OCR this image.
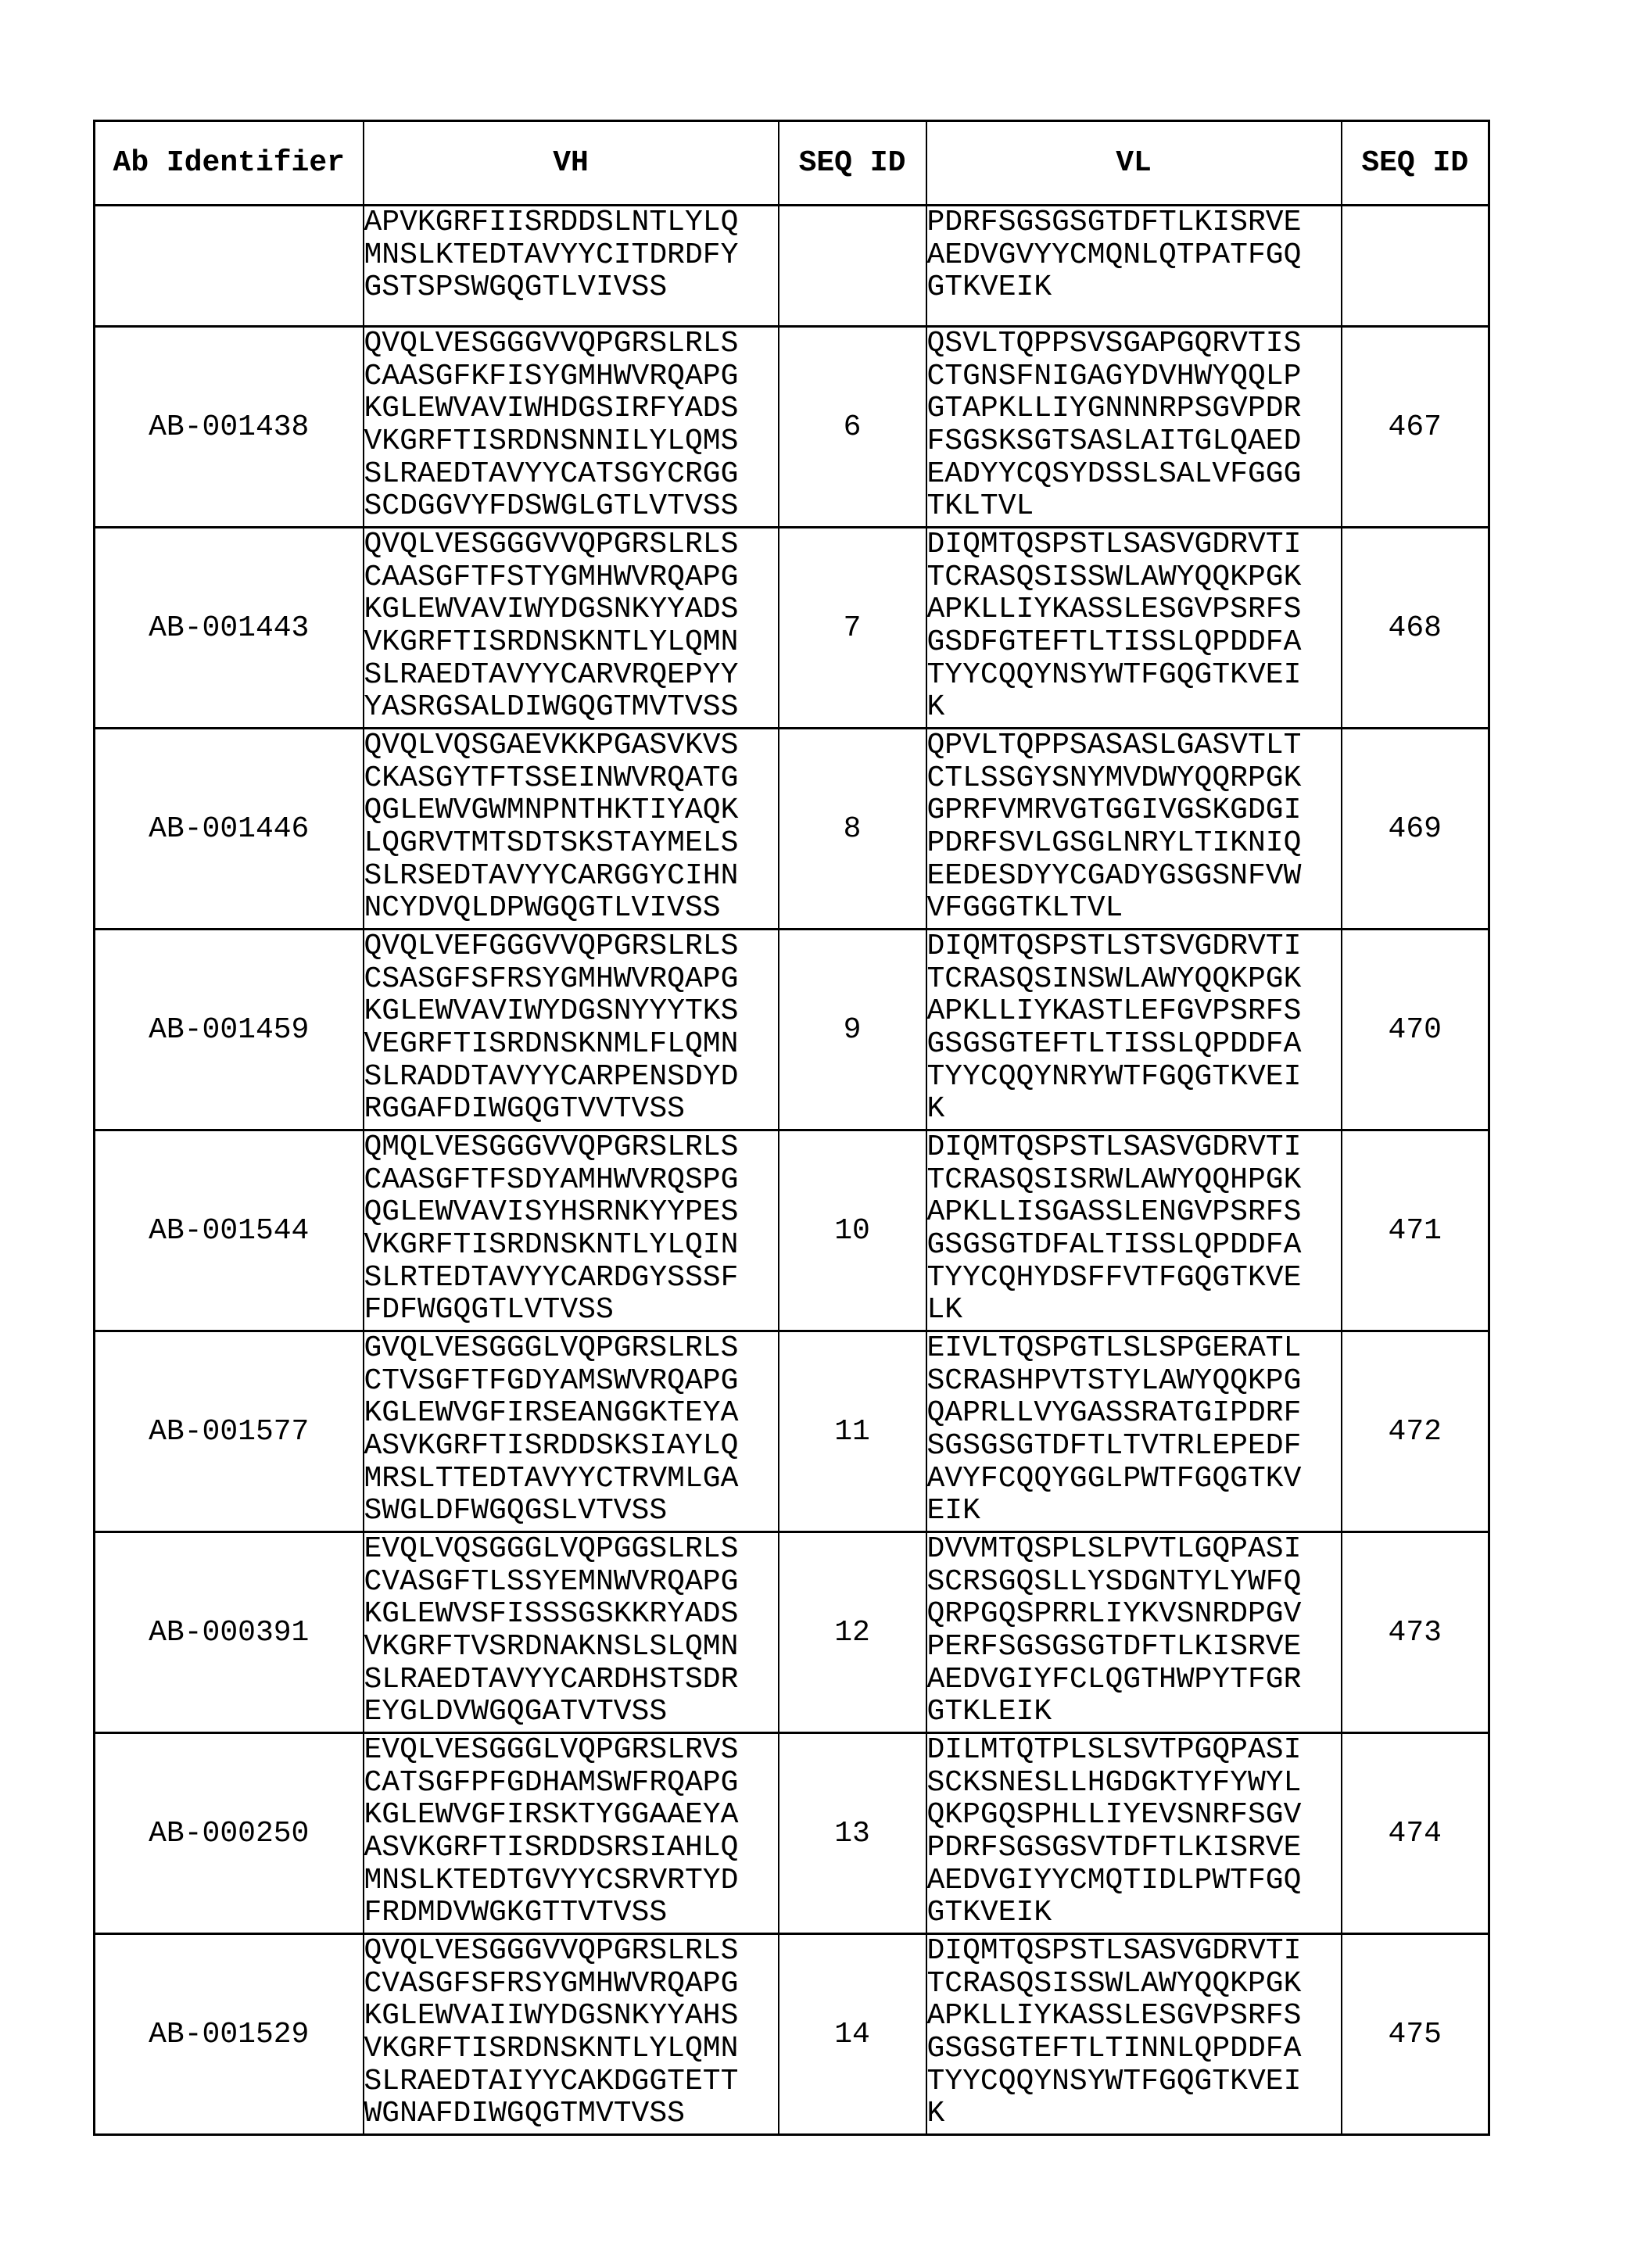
Ab Identifier	VH	SEQ ID	VL	SEQ ID

APVKGRFIISRDDSLNTLYLQ
MNSLKTEDTAVYYCITDRDFY
GSTSPSWGQGTLVIVSS

PDRFSGSGSGTDFTLKISRVE
AEDVGVYYCMQNLQTPATFGQ
GTKVEIK

AB-001438	
QVQLVESGGGVVQPGRSLRLS
CAASGFKFISYGMHWVRQAPG
KGLEWVAVIWHDGSIRFYADS
VKGRFTISRDNSNNILYLQMS
SLRAEDTAVYYCATSGYCRGG
SCDGGVYFDSWGLGTLVTVSS
	6	
QSVLTQPPSVSGAPGQRVTIS
CTGNSFNIGAGYDVHWYQQLP
GTAPKLLIYGNNNRPSGVPDR
FSGSKSGTSASLAITGLQAED
EADYYCQSYDSSLSALVFGGG
TKLTVL
	467
AB-001443	
QVQLVESGGGVVQPGRSLRLS
CAASGFTFSTYGMHWVRQAPG
KGLEWVAVIWYDGSNKYYADS
VKGRFTISRDNSKNTLYLQMN
SLRAEDTAVYYCARVRQEPYY
YASRGSALDIWGQGTMVTVSS
	7	
DIQMTQSPSTLSASVGDRVTI
TCRASQSISSWLAWYQQKPGK
APKLLIYKASSLESGVPSRFS
GSDFGTEFTLTISSLQPDDFA
TYYCQQYNSYWTFGQGTKVEI
K
	468
AB-001446	
QVQLVQSGAEVKKPGASVKVS
CKASGYTFTSSEINWVRQATG
QGLEWVGWMNPNTHKTIYAQK
LQGRVTMTSDTSKSTAYMELS
SLRSEDTAVYYCARGGYCIHN
NCYDVQLDPWGQGTLVIVSS
	8	
QPVLTQPPSASASLGASVTLT
CTLSSGYSNYMVDWYQQRPGK
GPRFVMRVGTGGIVGSKGDGI
PDRFSVLGSGLNRYLTIKNIQ
EEDESDYYCGADYGSGSNFVW
VFGGGTKLTVL
	469
AB-001459	
QVQLVEFGGGVVQPGRSLRLS
CSASGFSFRSYGMHWVRQAPG
KGLEWVAVIWYDGSNYYYTKS
VEGRFTISRDNSKNMLFLQMN
SLRADDTAVYYCARPENSDYD
RGGAFDIWGQGTVVTVSS
	9	
DIQMTQSPSTLSTSVGDRVTI
TCRASQSINSWLAWYQQKPGK
APKLLIYKASTLEFGVPSRFS
GSGSGTEFTLTISSLQPDDFA
TYYCQQYNRYWTFGQGTKVEI
K
	470
AB-001544	
QMQLVESGGGVVQPGRSLRLS
CAASGFTFSDYAMHWVRQSPG
QGLEWVAVISYHSRNKYYPES
VKGRFTISRDNSKNTLYLQIN
SLRTEDTAVYYCARDGYSSSF
FDFWGQGTLVTVSS
	10	
DIQMTQSPSTLSASVGDRVTI
TCRASQSISRWLAWYQQHPGK
APKLLISGASSLENGVPSRFS
GSGSGTDFALTISSLQPDDFA
TYYCQHYDSFFVTFGQGTKVE
LK
	471
AB-001577	
GVQLVESGGGLVQPGRSLRLS
CTVSGFTFGDYAMSWVRQAPG
KGLEWVGFIRSEANGGKTEYA
ASVKGRFTISRDDSKSIAYLQ
MRSLTTEDTAVYYCTRVMLGA
SWGLDFWGQGSLVTVSS
	11	
EIVLTQSPGTLSLSPGERATL
SCRASHPVTSTYLAWYQQKPG
QAPRLLVYGASSRATGIPDRF
SGSGSGTDFTLTVTRLEPEDF
AVYFCQQYGGLPWTFGQGTKV
EIK
	472
AB-000391	
EVQLVQSGGGLVQPGGSLRLS
CVASGFTLSSYEMNWVRQAPG
KGLEWVSFISSSGSKKRYADS
VKGRFTVSRDNAKNSLSLQMN
SLRAEDTAVYYCARDHSTSDR
EYGLDVWGQGATVTVSS
	12	
DVVMTQSPLSLPVTLGQPASI
SCRSGQSLLYSDGNTYLYWFQ
QRPGQSPRRLIYKVSNRDPGV
PERFSGSGSGTDFTLKISRVE
AEDVGIYFCLQGTHWPYTFGR
GTKLEIK
	473
AB-000250	
EVQLVESGGGLVQPGRSLRVS
CATSGFPFGDHAMSWFRQAPG
KGLEWVGFIRSKTYGGAAEYA
ASVKGRFTISRDDSRSIAHLQ
MNSLKTEDTGVYYCSRVRTYD
FRDMDVWGKGTTVTVSS
	13	
DILMTQTPLSLSVTPGQPASI
SCKSNESLLHGDGKTYFYWYL
QKPGQSPHLLIYEVSNRFSGV
PDRFSGSGSVTDFTLKISRVE
AEDVGIYYCMQTIDLPWTFGQ
GTKVEIK
	474
AB-001529	
QVQLVESGGGVVQPGRSLRLS
CVASGFSFRSYGMHWVRQAPG
KGLEWVAIIWYDGSNKYYAHS
VKGRFTISRDNSKNTLYLQMN
SLRAEDTAIYYCAKDGGTETT
WGNAFDIWGQGTMVTVSS
	14	
DIQMTQSPSTLSASVGDRVTI
TCRASQSISSWLAWYQQKPGK
APKLLIYKASSLESGVPSRFS
GSGSGTEFTLTINNLQPDDFA
TYYCQQYNSYWTFGQGTKVEI
K
	475
